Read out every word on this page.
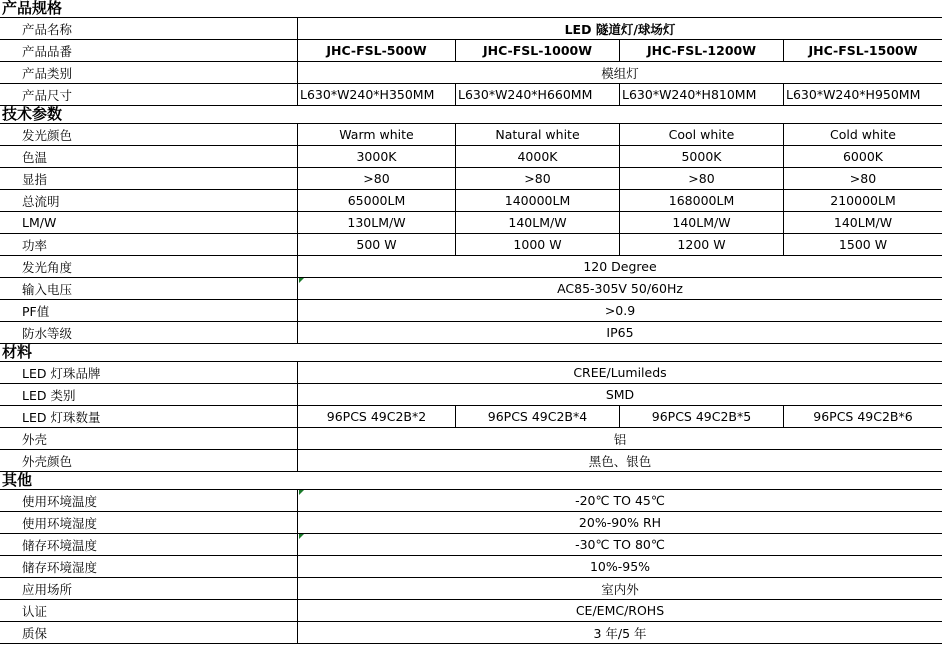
产品规格
产品名称	LED 隧道灯/球场灯
产品品番	JHC-FSL-500W	JHC-FSL-1000W	JHC-FSL-1200W	JHC-FSL-1500W
产品类别	模组灯
产品尺寸	L630*W240*H350MM	L630*W240*H660MM	L630*W240*H810MM	L630*W240*H950MM
技术参数
发光颜色	Warm white	Natural white	Cool white	Cold white
色温	3000K	4000K	5000K	6000K
显指	>80	>80	>80	>80
总流明	65000LM	140000LM	168000LM	210000LM
LM/W	130LM/W	140LM/W	140LM/W	140LM/W
功率	500 W	1000 W	1200 W	1500 W
发光角度	120 Degree
输入电压	AC85-305V 50/60Hz
PF值	>0.9
防水等级	IP65
材料
LED 灯珠品牌	CREE/Lumileds
LED 类别	SMD
LED 灯珠数量	96PCS 49C2B*2	96PCS 49C2B*4	96PCS 49C2B*5	96PCS 49C2B*6
外壳	铝
外壳颜色	黑色、银色
其他
使用环境温度	-20℃ TO 45℃
使用环境湿度	20%-90% RH
储存环境温度	-30℃ TO 80℃
储存环境湿度	10%-95%
应用场所	室内外
认证	CE/EMC/ROHS
质保	3 年/5 年
